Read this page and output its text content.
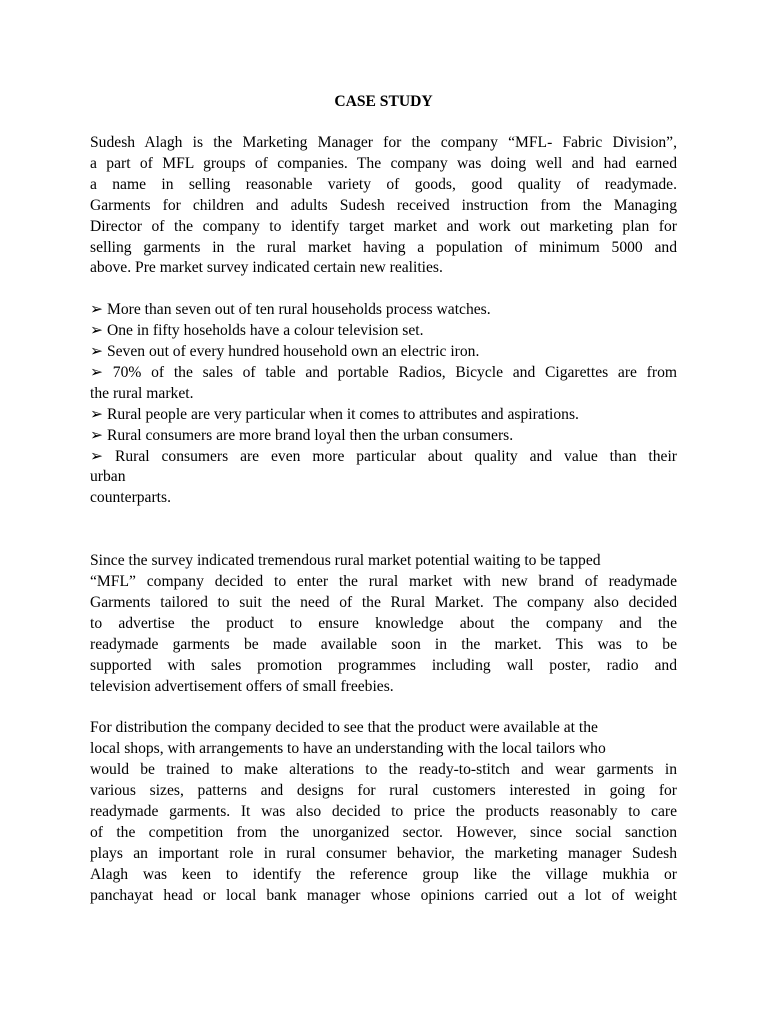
CASE STUDY
Sudesh Alagh is the Marketing Manager for the company “MFL- Fabric Division”,
a part of MFL groups of companies. The company was doing well and had earned
a name in selling reasonable variety of goods, good quality of readymade.
Garments for children and adults Sudesh received instruction from the Managing
Director of the company to identify target market and work out marketing plan for
selling garments in the rural market having a population of minimum 5000 and
above. Pre market survey indicated certain new realities.
➢ More than seven out of ten rural households process watches.
➢ One in fifty hoseholds have a colour television set.
➢ Seven out of every hundred household own an electric iron.
➢ 70% of the sales of table and portable Radios, Bicycle and Cigarettes are from
the rural market.
➢ Rural people are very particular when it comes to attributes and aspirations.
➢ Rural consumers are more brand loyal then the urban consumers.
➢ Rural consumers are even more particular about quality and value than their
urban
counterparts.
Since the survey indicated tremendous rural market potential waiting to be tapped
“MFL” company decided to enter the rural market with new brand of readymade
Garments tailored to suit the need of the Rural Market. The company also decided
to advertise the product to ensure knowledge about the company and the
readymade garments be made available soon in the market. This was to be
supported with sales promotion programmes including wall poster, radio and
television advertisement offers of small freebies.
For distribution the company decided to see that the product were available at the
local shops, with arrangements to have an understanding with the local tailors who
would be trained to make alterations to the ready-to-stitch and wear garments in
various sizes, patterns and designs for rural customers interested in going for
readymade garments. It was also decided to price the products reasonably to care
of the competition from the unorganized sector. However, since social sanction
plays an important role in rural consumer behavior, the marketing manager Sudesh
Alagh was keen to identify the reference group like the village mukhia or
panchayat head or local bank manager whose opinions carried out a lot of weight
